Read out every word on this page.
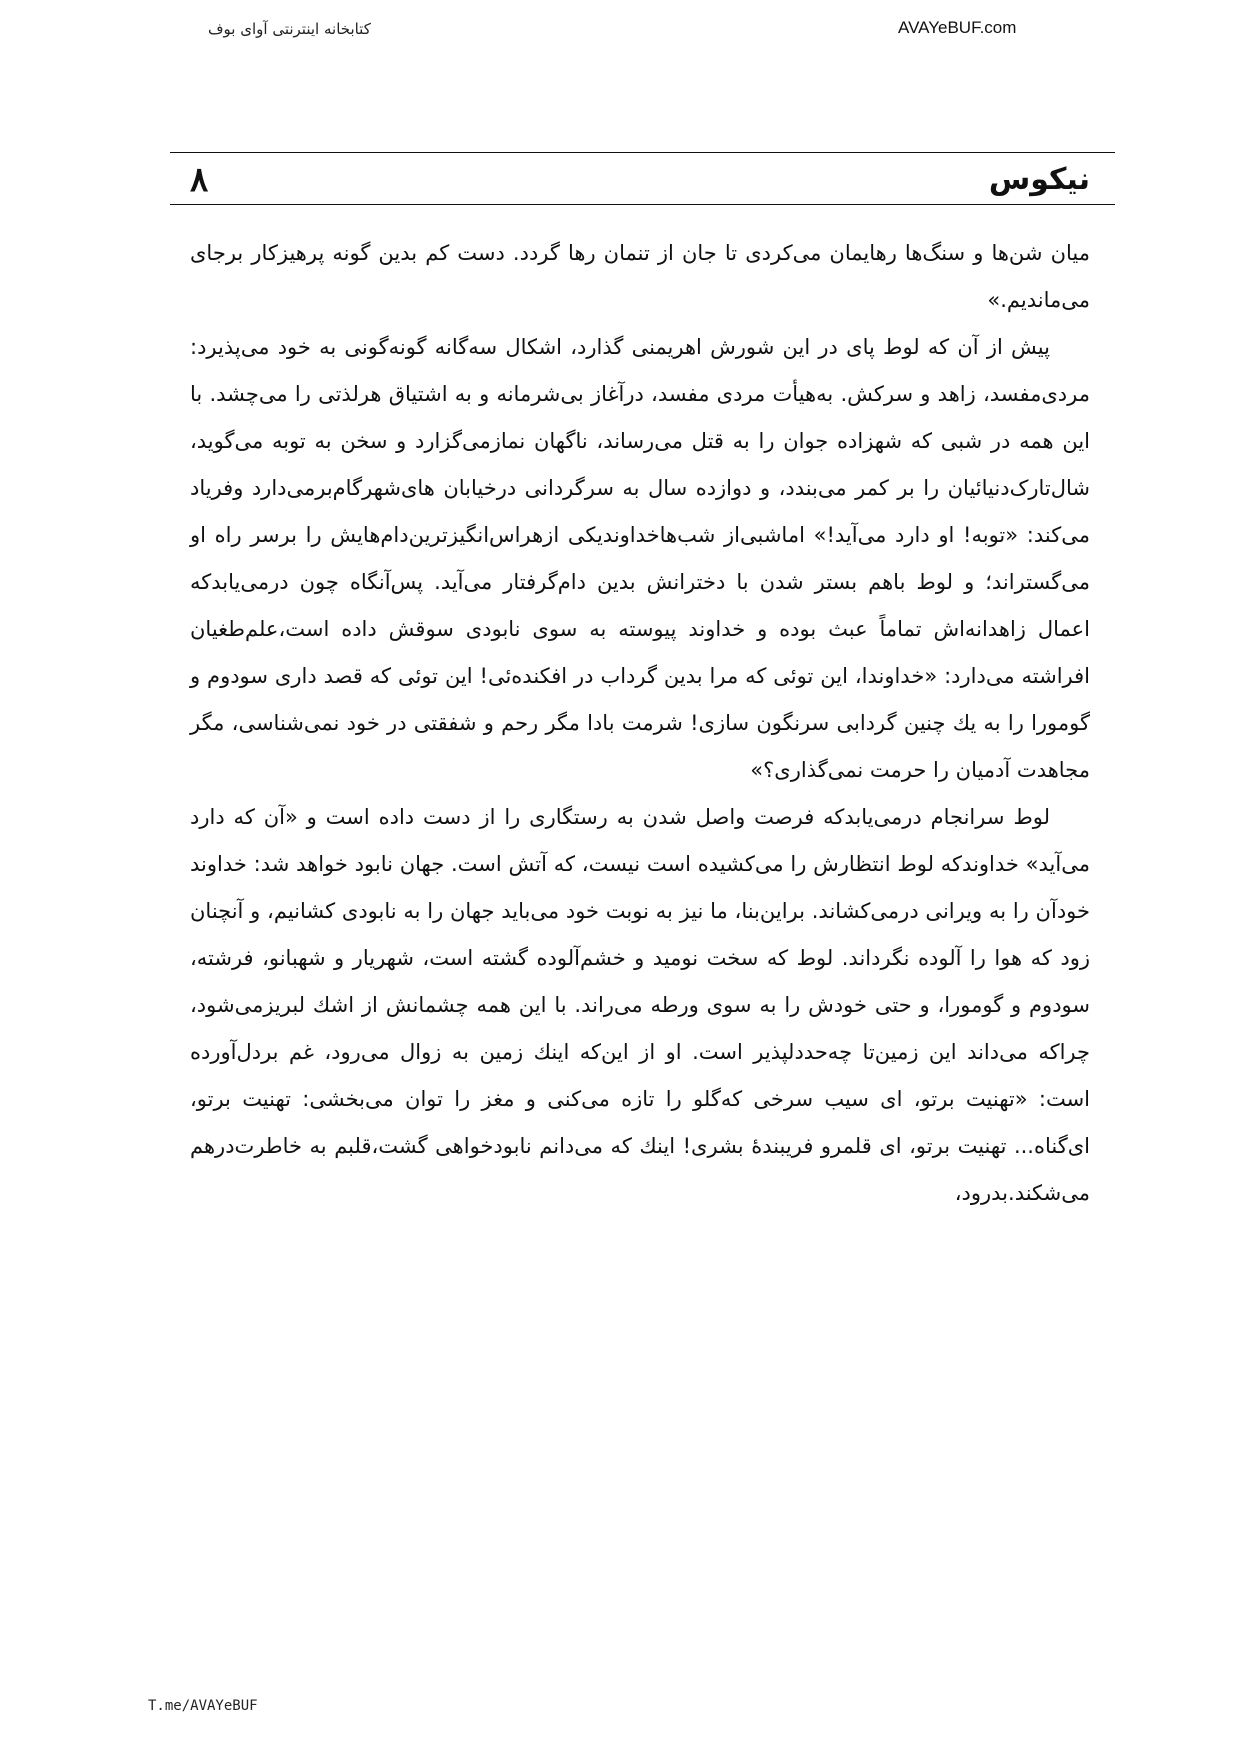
کتابخانه اینترنتی آوای بوف	AVAYeBUF.com
۸	نیکوس

میان شن‌ها و سنگ‌ها رهایمان می‌کردی تا جان از تنمان رها گردد. دست کم بدین گونه پرهیزکار برجای می‌ماندیم.»

پیش از آن که لوط پای در این شورش اهریمنی گذارد، اشکال سه‌گانه گونه‌گونی به خود می‌پذیرد: مردی‌مفسد، زاهد و سرکش. به‌هیأت مردی مفسد، درآغاز بی‌شرمانه و به اشتیاق هرلذتی را می‌چشد. با این همه در شبی که شهزاده جوان را به قتل می‌رساند، ناگهان نمازمی‌گزارد و سخن به توبه می‌گوید، شال‌تارک‌دنیائیان را بر کمر می‌بندد، و دوازده سال به سرگردانی درخیابان های‌شهرگام‌برمی‌دارد وفریاد می‌کند: «توبه! او دارد می‌آید!» اماشبی‌از شب‌هاخداوندیکی ازهراس‌انگیزترین‌دام‌هایش را برسر راه او می‌گستراند؛ و لوط باهم بستر شدن با دخترانش بدین دام‌گرفتار می‌آید. پس‌آنگاه چون درمی‌یابد‌که اعمال زاهدانه‌اش تماماً عبث بوده و خداوند پیوسته به سوی نابودی سوقش داده است،علم‌طغیان افراشته می‌دارد: «خداوندا، این توئی که مرا بدین گرداب در افکنده‌ئی! این توئی که قصد داری سودوم و گومورا را به یك چنین گردابی سرنگون سازی! شرمت بادا مگر رحم و شفقتی در خود نمی‌شناسی، مگر مجاهدت آدمیان را حرمت نمی‌گذاری؟»

لوط سرانجام درمی‌یابدکه فرصت واصل شدن به رستگاری را از دست داده است و «آن که دارد می‌آید» خداوندکه لوط انتظارش را می‌کشیده است نیست، که آتش است. جهان نابود خواهد شد: خداوند خودآن را به ویرانی درمی‌کشاند. براین‌بنا، ما نیز به نوبت خود می‌باید جهان را به نابودی کشانیم، و آنچنان زود که هوا را آلوده نگرداند. لوط که سخت نومید و خشم‌آلوده گشته است، شهریار و شهبانو، فرشته، سودوم و گومورا، و حتی خودش را به سوی ورطه می‌راند. با این همه چشمانش از اشك لبریزمی‌شود، چراکه می‌داند این زمین‌تا چه‌حددلپذیر است. او از این‌که اینك زمین به زوال می‌رود، غم بردل‌آورده است: «تهنیت برتو، ای سیب سرخی که‌گلو را تازه می‌کنی و مغز را توان می‌بخشی: تهنیت برتو، ای‌گناه... تهنیت برتو، ای قلمرو فریبندهٔ بشری! اینك که می‌دانم نابودخواهی گشت،قلبم به خاطرت‌درهم می‌شکند.بدرود،

T.me/AVAYeBUF
